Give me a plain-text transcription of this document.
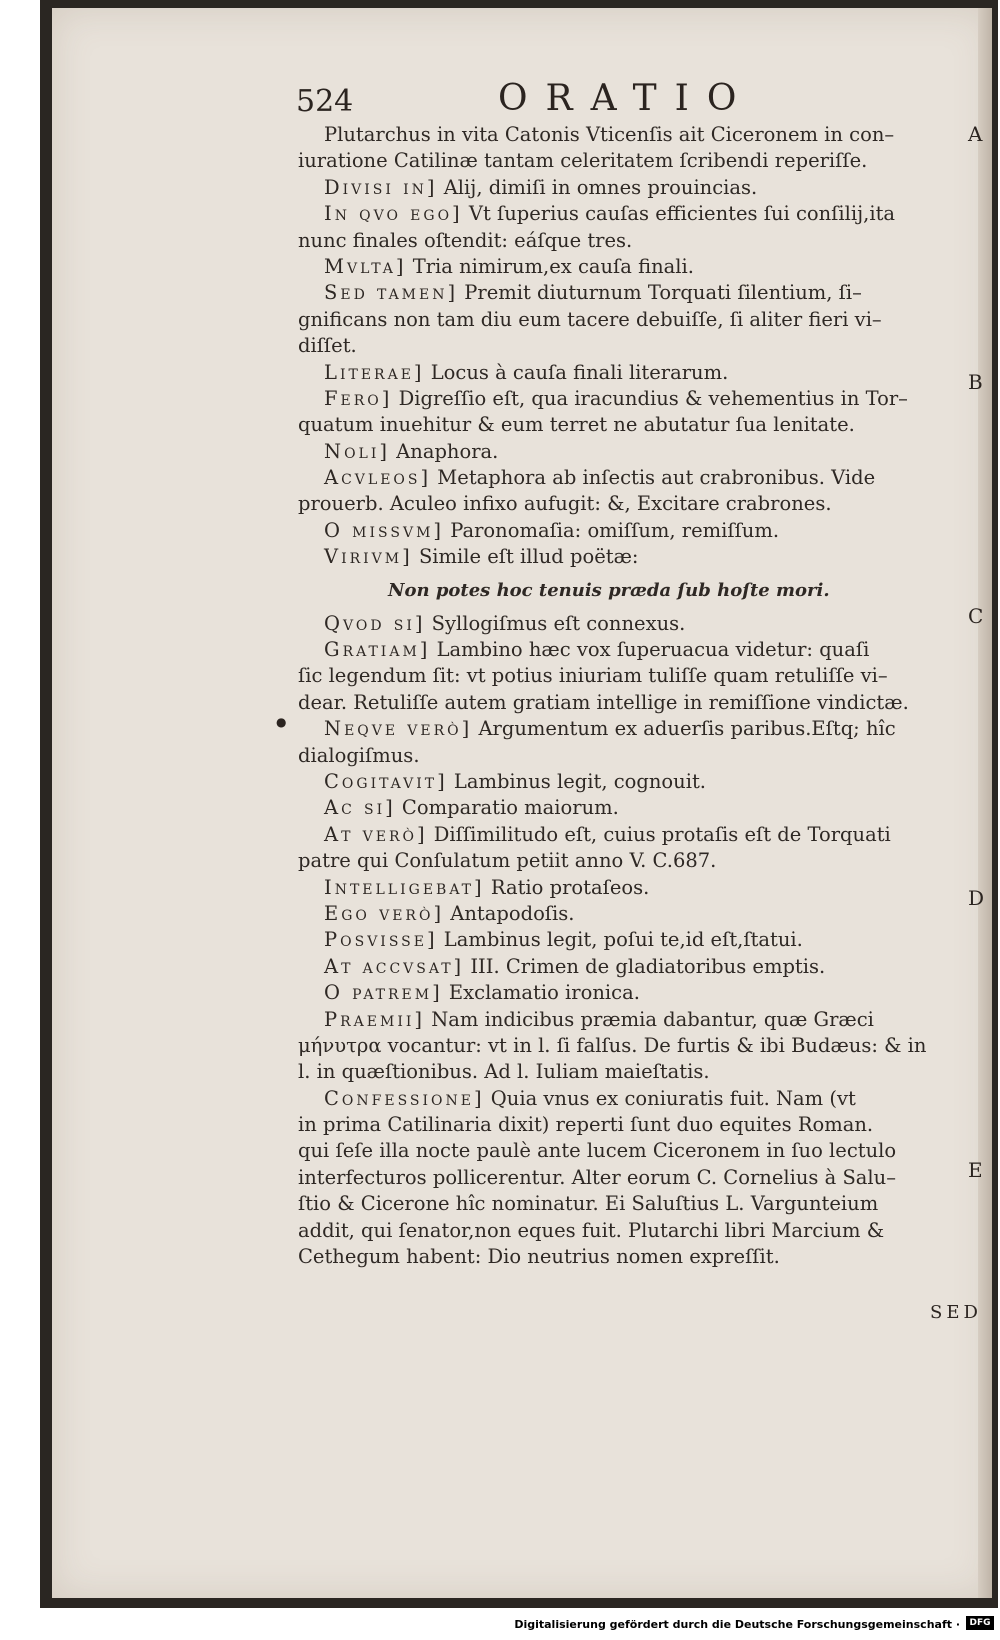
524	ORATIO
Plutarchus in vita Catonis Vticenſis ait Ciceronem in con–
iuratione Catilinæ tantam celeritatem ſcribendi reperiſſe.
Divisi in] Alij, dimiſi in omnes prouincias.
In qvo ego] Vt ſuperius cauſas efficientes ſui conſilij,ita
nunc finales oſtendit: eáſque tres.
Mvlta] Tria nimirum,ex cauſa finali.
Sed tamen] Premit diuturnum Torquati ſilentium, ſi–
gnificans non tam diu eum tacere debuiſſe, ſi aliter fieri vi–
diſſet.
Literae] Locus à cauſa finali literarum.
Fero] Digreſſio eſt, qua iracundius & vehementius in Tor–
quatum inuehitur & eum terret ne abutatur ſua lenitate.
Noli] Anaphora.
Acvleos] Metaphora ab inſectis aut crabronibus. Vide
prouerb. Aculeo infixo aufugit: &, Excitare crabrones.
O missvm] Paronomaſia: omiſſum, remiſſum.
Virivm] Simile eſt illud poëtæ:
Non potes hoc tenuis præda ſub hoſte mori.
Qvod si] Syllogiſmus eſt connexus.
Gratiam] Lambino hæc vox ſuperuacua videtur: quaſi
ſic legendum ſit: vt potius iniuriam tuliſſe quam retuliſſe vi–
dear. Retuliſſe autem gratiam intellige in remiſſione vindictæ.
Neqve verò] Argumentum ex aduerſis paribus.Eſtq; hîc
dialogiſmus.
Cogitavit] Lambinus legit, cognouit.
Ac si] Comparatio maiorum.
At verò] Diſſimilitudo eſt, cuius protaſis eſt de Torquati
patre qui Conſulatum petiit anno V. C.687.
Intelligebat] Ratio protaſeos.
Ego verò] Antapodoſis.
Posvisse] Lambinus legit, poſui te,id eſt,ſtatui.
At accvsat] III. Crimen de gladiatoribus emptis.
O patrem] Exclamatio ironica.
Praemii] Nam indicibus præmia dabantur, quæ Græci
μήνυτρα vocantur: vt in l. ſi falſus. De furtis & ibi Budæus: & in
l. in quæſtionibus. Ad l. Iuliam maieſtatis.
Confessione] Quia vnus ex coniuratis fuit. Nam (vt
in prima Catilinaria dixit) reperti ſunt duo equites Roman.
qui ſeſe illa nocte paulè ante lucem Ciceronem in ſuo lectulo
interfecturos pollicerentur. Alter eorum C. Cornelius à Salu–
ſtio & Cicerone hîc nominatur. Ei Saluſtius L. Vargunteium
addit, qui ſenator,non eques fuit. Plutarchi libri Marcium &
Cethegum habent: Dio neutrius nomen expreſſit.
●
A
B
C
D
E
SED
Digitalisierung gefördert durch die Deutsche Forschungsgemeinschaft ·	DFG
